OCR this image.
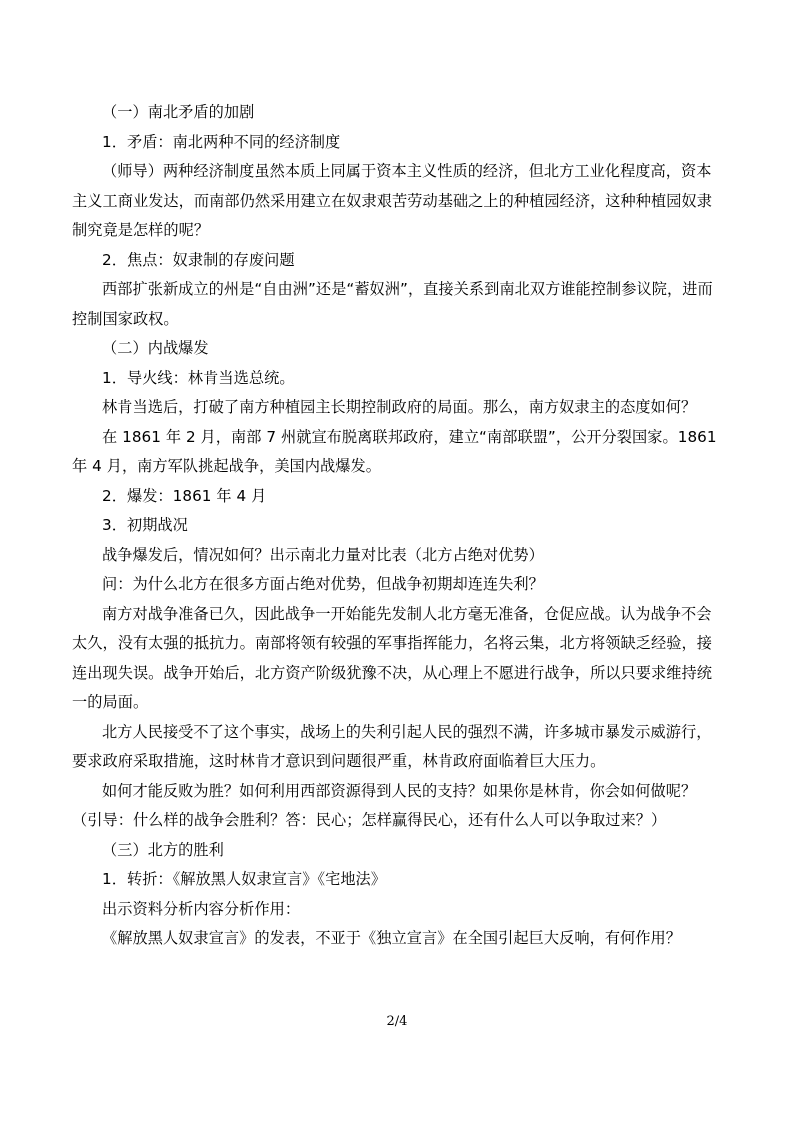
（一）南北矛盾的加剧

1．矛盾：南北两种不同的经济制度

（师导）两种经济制度虽然本质上同属于资本主义性质的经济，但北方工业化程度高，资本主义工商业发达，而南部仍然采用建立在奴隶艰苦劳动基础之上的种植园经济，这种种植园奴隶制究竟是怎样的呢？

2．焦点：奴隶制的存废问题

西部扩张新成立的州是“自由洲”还是“蓄奴洲”，直接关系到南北双方谁能控制参议院，进而控制国家政权。

（二）内战爆发

1．导火线：林肯当选总统。

林肯当选后，打破了南方种植园主长期控制政府的局面。那么，南方奴隶主的态度如何？

在 1861 年 2 月，南部 7 州就宣布脱离联邦政府，建立“南部联盟”，公开分裂国家。1861 年 4 月，南方军队挑起战争，美国内战爆发。

2．爆发：1861 年 4 月

3．初期战况

战争爆发后，情况如何？出示南北力量对比表（北方占绝对优势）

问：为什么北方在很多方面占绝对优势，但战争初期却连连失利？

南方对战争准备已久，因此战争一开始能先发制人北方毫无准备，仓促应战。认为战争不会太久，没有太强的抵抗力。南部将领有较强的军事指挥能力，名将云集，北方将领缺乏经验，接连出现失误。战争开始后，北方资产阶级犹豫不决，从心理上不愿进行战争，所以只要求维持统一的局面。

北方人民接受不了这个事实，战场上的失利引起人民的强烈不满，许多城市暴发示威游行，要求政府采取措施，这时林肯才意识到问题很严重，林肯政府面临着巨大压力。

如何才能反败为胜？如何利用西部资源得到人民的支持？如果你是林肯，你会如何做呢？（引导：什么样的战争会胜利？答：民心；怎样赢得民心，还有什么人可以争取过来？）

（三）北方的胜利

1．转折：《解放黑人奴隶宣言》《宅地法》

出示资料分析内容分析作用：

《解放黑人奴隶宣言》的发表，不亚于《独立宣言》在全国引起巨大反响，有何作用？

2/4
